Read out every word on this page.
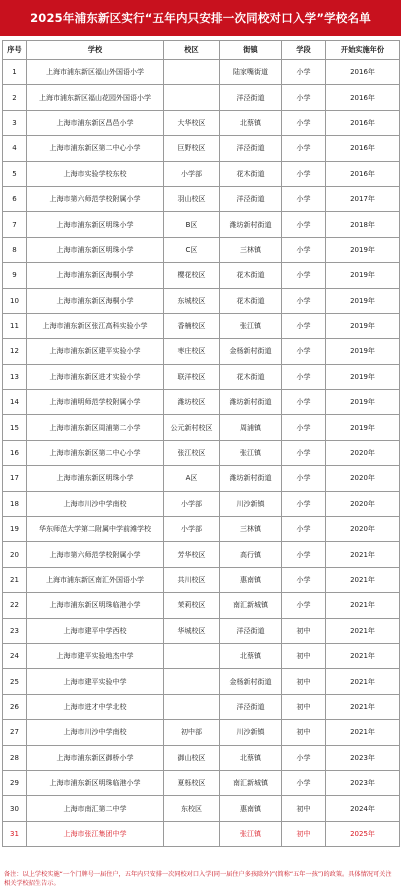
2025年浦东新区实行“五年内只安排一次同校对口入学”学校名单
序号	学校	校区	街镇	学段	开始实施年份
1	上海市浦东新区福山外国语小学		陆家嘴街道	小学	2016年
2	上海市浦东新区福山花园外国语小学		洋泾街道	小学	2016年
3	上海市浦东新区昌邑小学	大华校区	北蔡镇	小学	2016年
4	上海市浦东新区第二中心小学	巨野校区	洋泾街道	小学	2016年
5	上海市实验学校东校	小学部	花木街道	小学	2016年
6	上海市第六师范学校附属小学	羽山校区	洋泾街道	小学	2017年
7	上海市浦东新区明珠小学	B区	潍坊新村街道	小学	2018年
8	上海市浦东新区明珠小学	C区	三林镇	小学	2019年
9	上海市浦东新区海桐小学	樱花校区	花木街道	小学	2019年
10	上海市浦东新区海桐小学	东城校区	花木街道	小学	2019年
11	上海市浦东新区张江高科实验小学	香楠校区	张江镇	小学	2019年
12	上海市浦东新区建平实验小学	枣庄校区	金杨新村街道	小学	2019年
13	上海市浦东新区进才实验小学	联洋校区	花木街道	小学	2019年
14	上海市浦明师范学校附属小学	潍坊校区	潍坊新村街道	小学	2019年
15	上海市浦东新区周浦第二小学	公元新村校区	周浦镇	小学	2019年
16	上海市浦东新区第二中心小学	张江校区	张江镇	小学	2020年
17	上海市浦东新区明珠小学	A区	潍坊新村街道	小学	2020年
18	上海市川沙中学南校	小学部	川沙新镇	小学	2020年
19	华东师范大学第二附属中学前滩学校	小学部	三林镇	小学	2020年
20	上海市第六师范学校附属小学	芳华校区	高行镇	小学	2021年
21	上海市浦东新区南汇外国语小学	共川校区	惠南镇	小学	2021年
22	上海市浦东新区明珠临港小学	茉莉校区	南汇新城镇	小学	2021年
23	上海市建平中学西校	华城校区	洋泾街道	初中	2021年
24	上海市建平实验地杰中学		北蔡镇	初中	2021年
25	上海市建平实验中学		金杨新村街道	初中	2021年
26	上海市进才中学北校		洋泾街道	初中	2021年
27	上海市川沙中学南校	初中部	川沙新镇	初中	2021年
28	上海市浦东新区御桥小学	御山校区	北蔡镇	小学	2023年
29	上海市浦东新区明珠临港小学	夏栎校区	南汇新城镇	小学	2023年
30	上海市南汇第二中学	东校区	惠南镇	初中	2024年
31	上海市张江集团中学		张江镇	初中	2025年
备注：以上学校实施“一个门牌号一届住户，五年内只安排一次同校对口入学(同一届住户多孩除外)”(简称“五年一孩”)的政策。具体情况可关注相关学校招生告示。
